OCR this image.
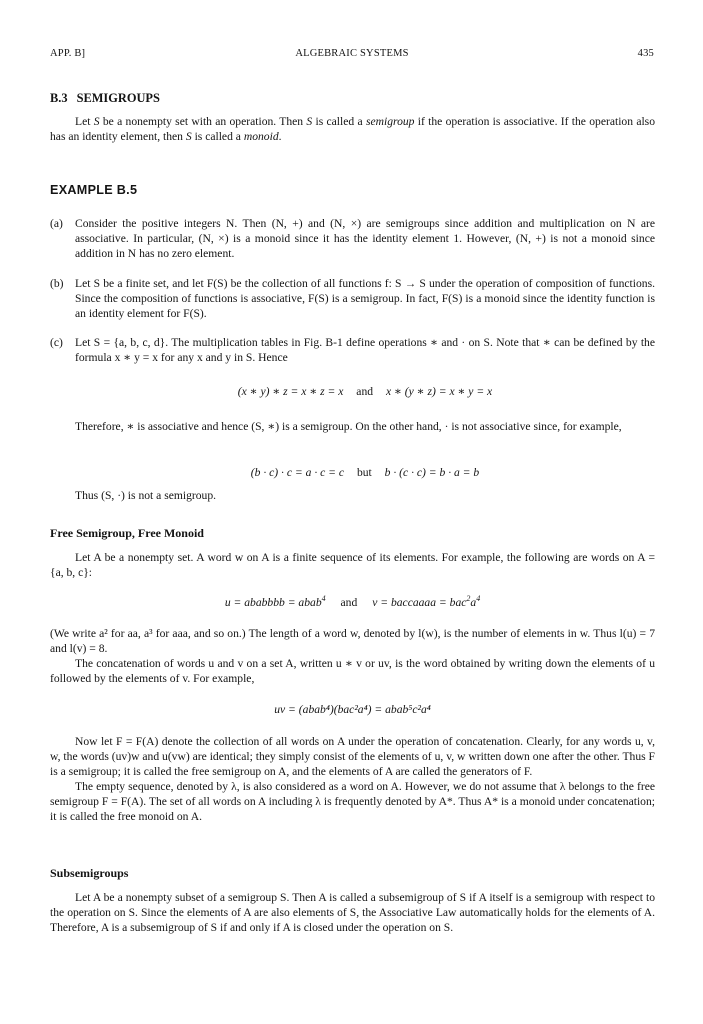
APP. B]	ALGEBRAIC SYSTEMS	435
B.3 SEMIGROUPS

Let S be a nonempty set with an operation. Then S is called a semigroup if the operation is associative. If the operation also has an identity element, then S is called a monoid.

EXAMPLE B.5
(a) Consider the positive integers N. Then (N, +) and (N, ×) are semigroups since addition and multiplication on N are associative. In particular, (N, ×) is a monoid since it has the identity element 1. However, (N, +) is not a monoid since addition in N has no zero element.
(b) Let S be a finite set, and let F(S) be the collection of all functions f: S → S under the operation of composition of functions. Since the composition of functions is associative, F(S) is a semigroup. In fact, F(S) is a monoid since the identity function is an identity element for F(S).
(c) Let S = {a, b, c, d}. The multiplication tables in Fig. B-1 define operations ∗ and · on S. Note that ∗ can be defined by the formula x ∗ y = x for any x and y in S. Hence
(x ∗ y) ∗ z = x ∗ z = x and x ∗ (y ∗ z) = x ∗ y = x
Therefore, ∗ is associative and hence (S, ∗) is a semigroup. On the other hand, · is not associative since, for example,
(b · c) · c = a · c = c but b · (c · c) = b · a = b
Thus (S, ·) is not a semigroup.
Free Semigroup, Free Monoid

Let A be a nonempty set. A word w on A is a finite sequence of its elements. For example, the following are words on A = {a, b, c}:

u = ababbbb = abab$^4$ and v = baccaaaa = $bac^2a^4$

(We write a² for aa, a³ for aaa, and so on.) The length of a word w, denoted by l(w), is the number of elements in w. Thus l(u) = 7 and l(v) = 8.

The concatenation of words u and v on a set A, written u ∗ v or uv, is the word obtained by writing down the elements of u followed by the elements of v. For example,

uv = (abab⁴)(bac²a⁴) = abab⁵c²a⁴

Now let F = F(A) denote the collection of all words on A under the operation of concatenation. Clearly, for any words u, v, w, the words (uv)w and u(vw) are identical; they simply consist of the elements of u, v, w written down one after the other. Thus F is a semigroup; it is called the free semigroup on A, and the elements of A are called the generators of F.

The empty sequence, denoted by λ, is also considered as a word on A. However, we do not assume that λ belongs to the free semigroup F = F(A). The set of all words on A including λ is frequently denoted by A*. Thus A* is a monoid under concatenation; it is called the free monoid on A.

Subsemigroups

Let A be a nonempty subset of a semigroup S. Then A is called a subsemigroup of S if A itself is a semigroup with respect to the operation on S. Since the elements of A are also elements of S, the Associative Law automatically holds for the elements of A. Therefore, A is a subsemigroup of S if and only if A is closed under the operation on S.
